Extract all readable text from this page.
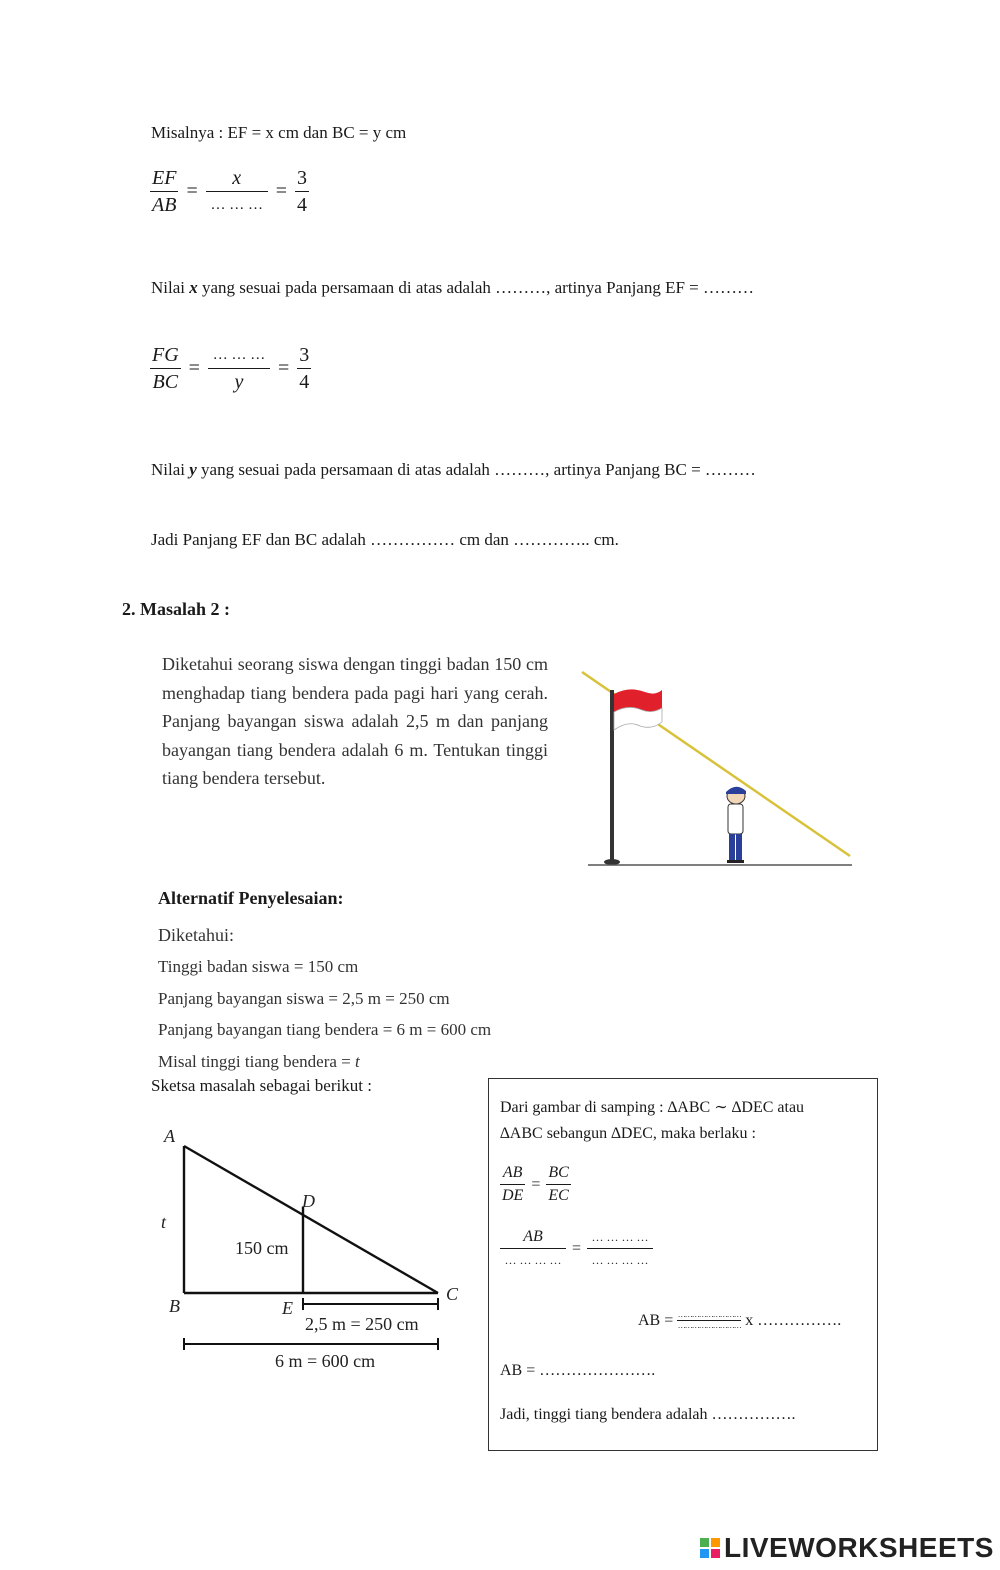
Misalnya : EF = x cm dan BC = y cm
$\frac{EF}{AB} = \frac{x}{\dots \dots \dots} = \frac{3}{4}$
Nilai x yang sesuai pada persamaan di atas adalah ………, artinya Panjang EF = ………
$\frac{FG}{BC} = \frac{\dots \dots \dots}{y} = \frac{3}{4}$
Nilai y yang sesuai pada persamaan di atas adalah ………, artinya Panjang BC = ………
Jadi Panjang EF dan BC adalah …………… cm dan ………….. cm.
2. Masalah 2 :
Diketahui seorang siswa dengan tinggi badan 150 cm menghadap tiang bendera pada pagi hari yang cerah. Panjang bayangan siswa adalah 2,5 m dan panjang bayangan tiang bendera adalah 6 m. Tentukan tinggi tiang bendera tersebut.
Alternatif Penyelesaian:
Diketahui:
Tinggi badan siswa = 150 cm
Panjang bayangan siswa = 2,5 m = 250 cm
Panjang bayangan tiang bendera = 6 m = 600 cm
Misal tinggi tiang bendera = t
Sketsa masalah sebagai berikut :
A
B
C
D
E
t
150 cm
2,5 m = 250 cm
6 m = 600 cm
Dari gambar di samping : ∆ABC ∼ ∆DEC atau
∆ABC sebangun ∆DEC, maka berlaku :
$\frac{AB}{DE} = \frac{BC}{EC}$
$\frac{AB}{\dots \dots \dots \dots} = \frac{\dots \dots \dots \dots}{\dots \dots \dots \dots}$
AB = ………………………
……………………… x …………….
AB = ………………….
Jadi, tinggi tiang bendera adalah …………….
LIVEWORKSHEETS
